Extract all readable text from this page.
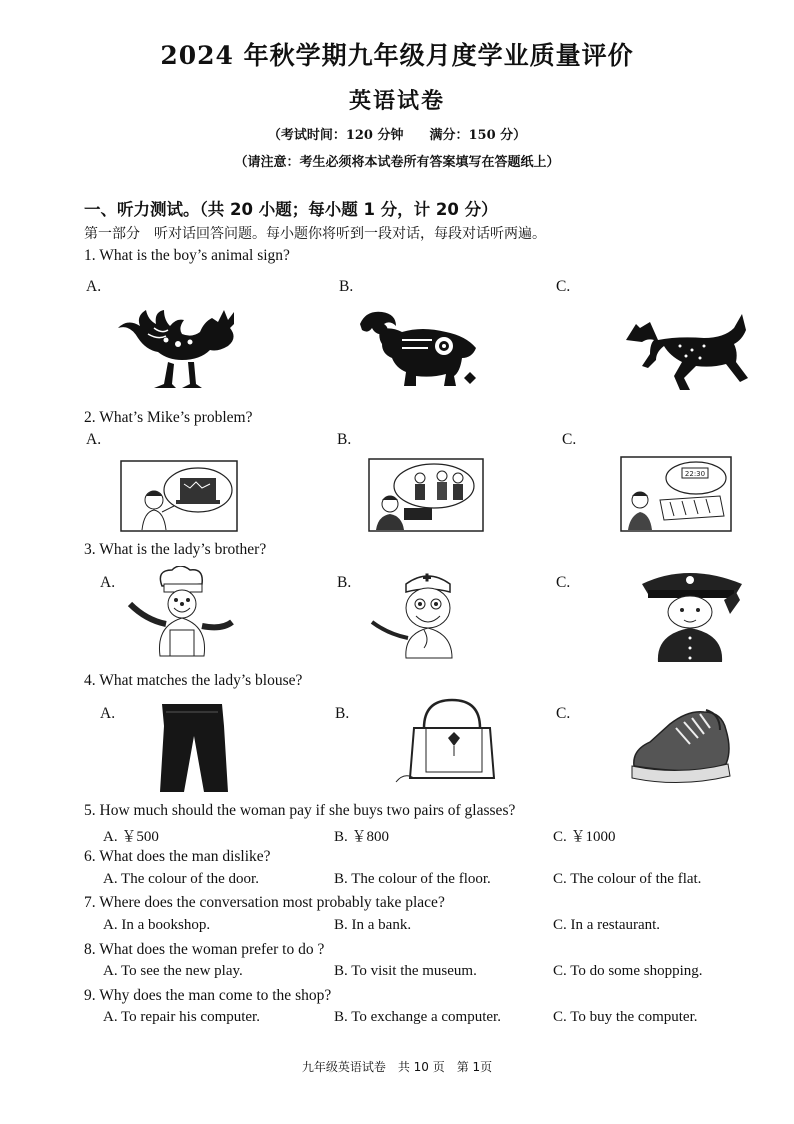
2024 年秋学期九年级月度学业质量评价
英语试卷
（考试时间：120 分钟　　满分：150 分）
（请注意：考生必须将本试卷所有答案填写在答题纸上）
一、听力测试。（共 20 小题；每小题 1 分，计 20 分）
第一部分　听对话回答问题。每小题你将听到一段对话，每段对话听两遍。
1. What is the boy’s animal sign?
A.	B.	C.
2. What’s Mike’s problem?
A.	B.	C.
22:30
3. What is the lady’s brother?
A.	B.	C.
4. What matches the lady’s blouse?
A.	B.	C.
5. How much should the woman pay if she buys two pairs of glasses?
A. ￥500	B. ￥800	C. ￥1000
6. What does the man dislike?
A. The colour of the door.	B. The colour of the floor.	C. The colour of the flat.
7. Where does the conversation most probably take place?
A. In a bookshop.	B. In a bank.	C. In a restaurant.
8. What does the woman prefer to do ?
A. To see the new play.	B. To visit the museum.	C. To do some shopping.
9. Why does the man come to the shop?
A. To repair his computer.	B. To exchange a computer.	C. To buy the computer.
九年级英语试卷　共 10 页　第 1页
